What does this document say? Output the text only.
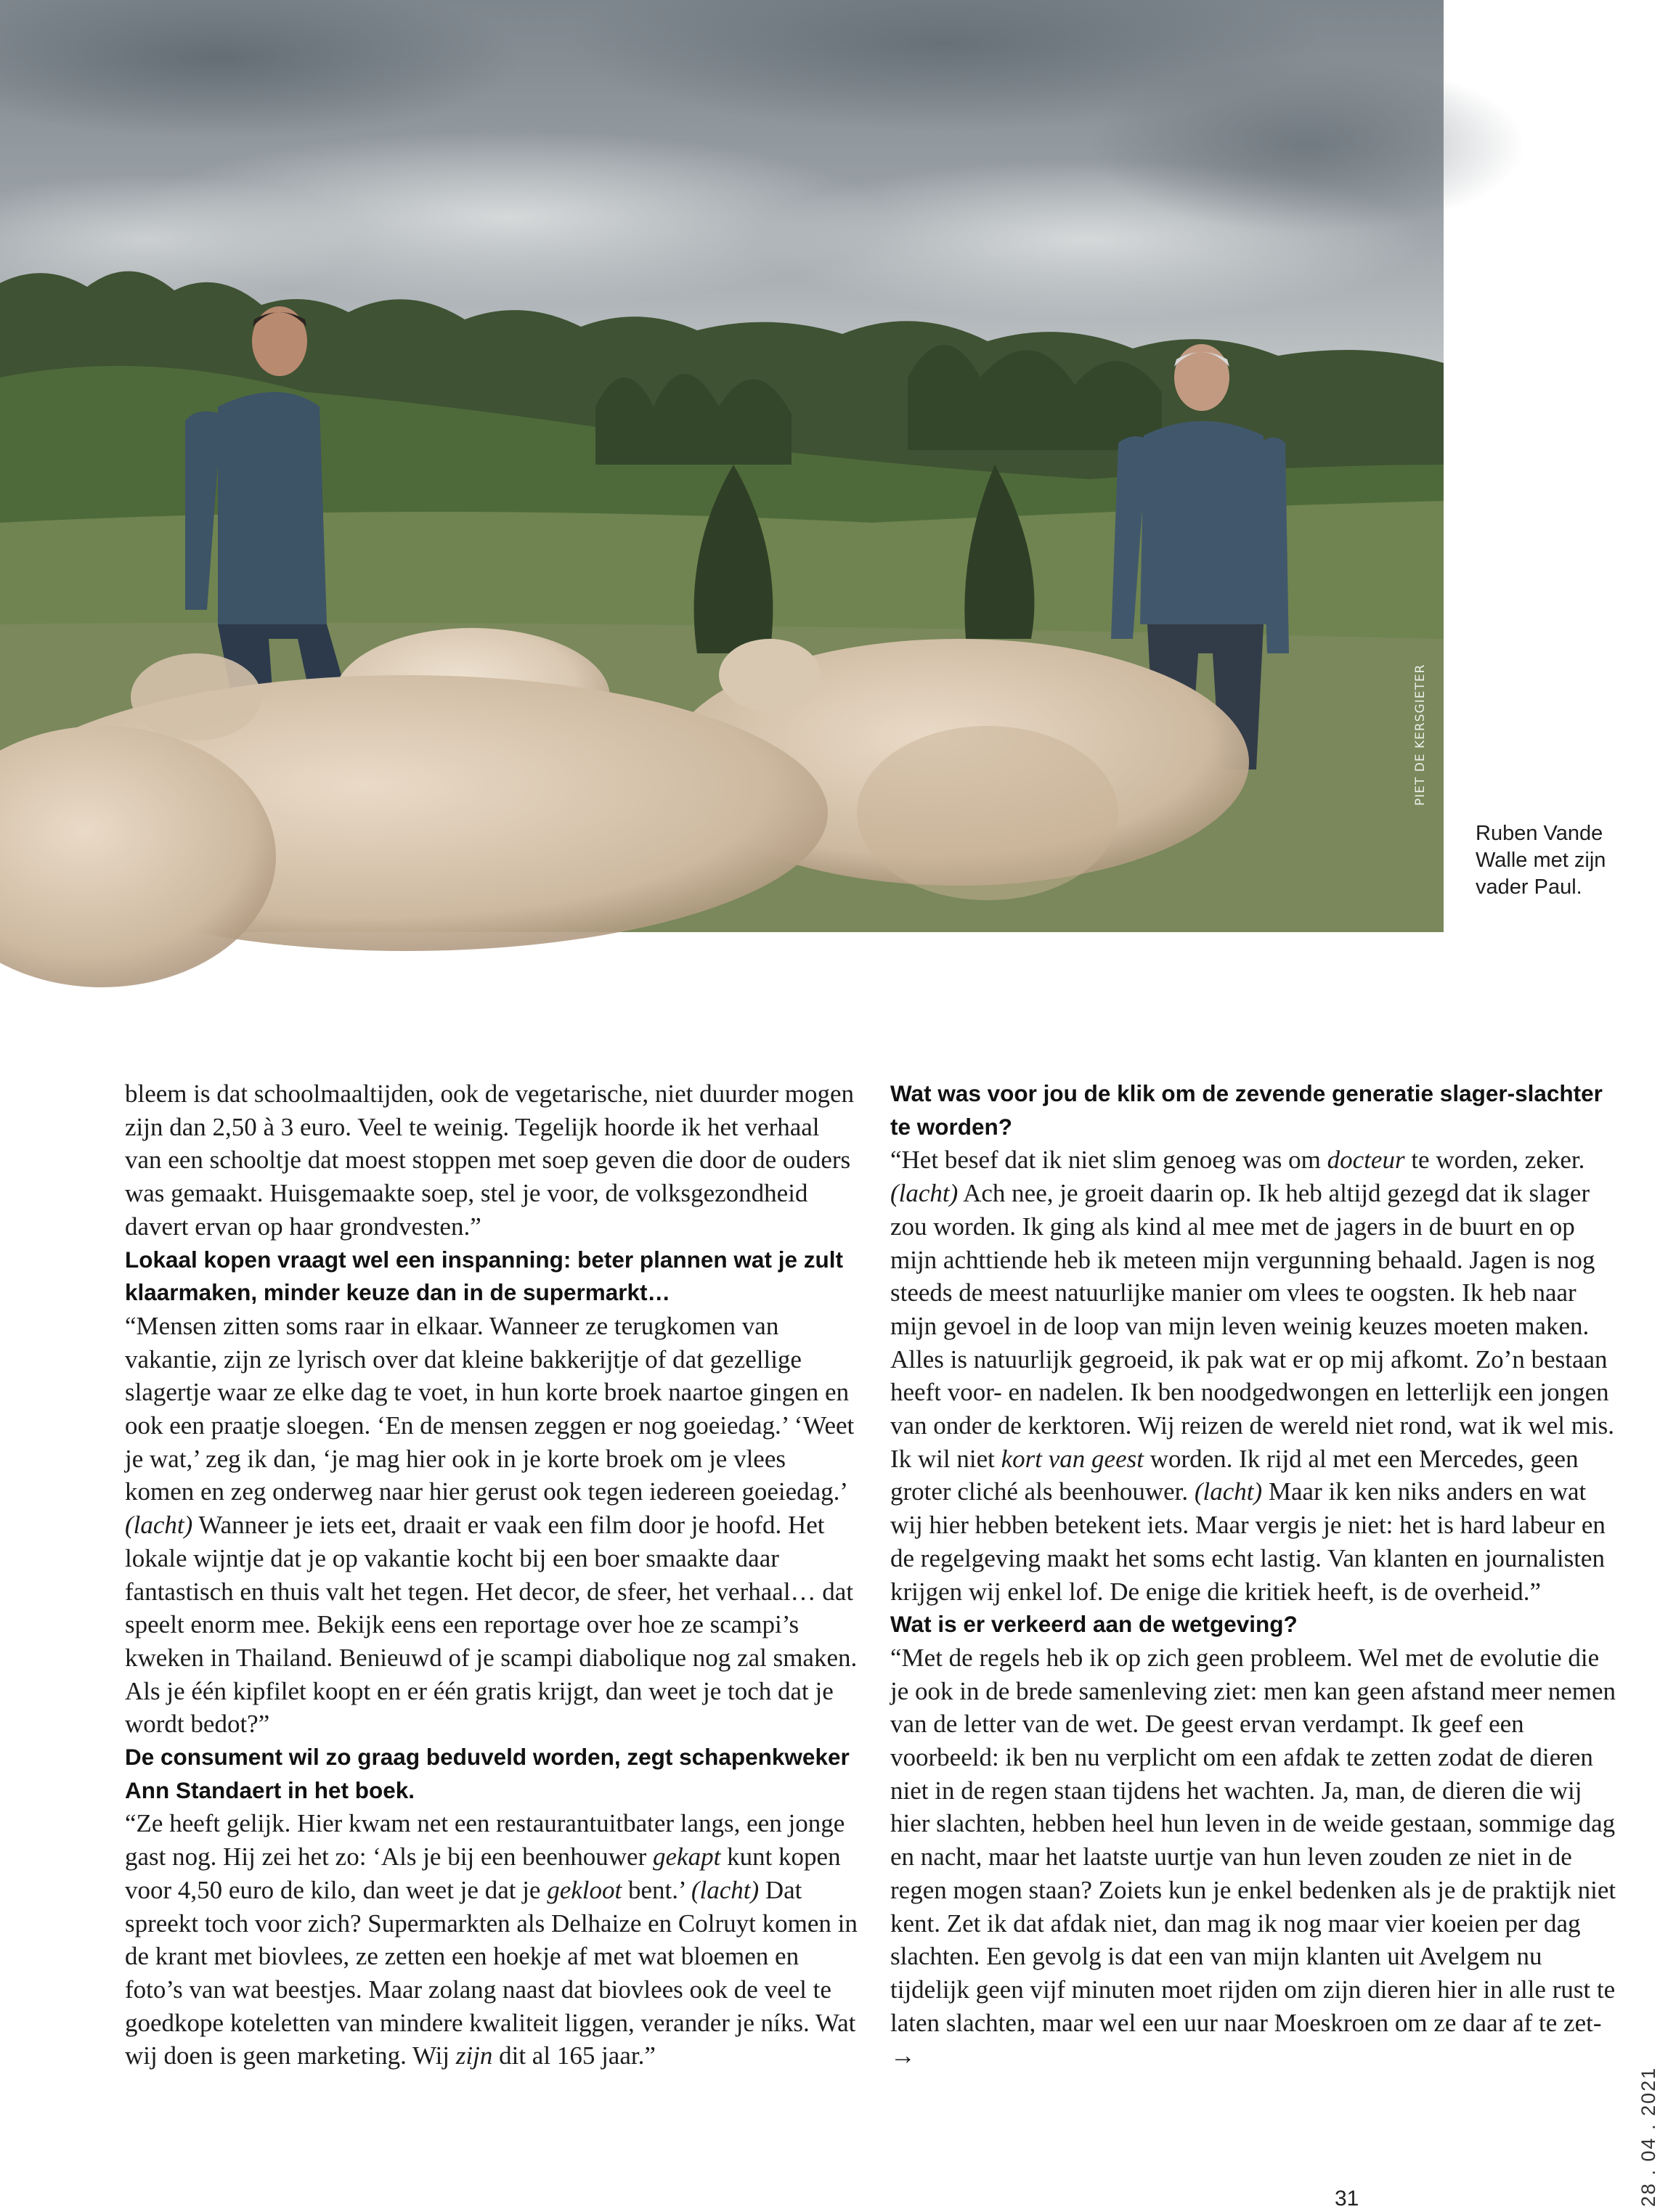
PIET DE KERSGIETER
Ruben Vande Walle met zijn vader Paul.

bleem is dat schoolmaaltijden, ook de vegetarische, niet duurder mogen zijn dan 2,50 à 3 euro. Veel te weinig. Tegelijk hoorde ik het verhaal van een schooltje dat moest stoppen met soep geven die door de ouders was gemaakt. Huisgemaakte soep, stel je voor, de volksgezondheid davert ervan op haar grondvesten.”

Lokaal kopen vraagt wel een inspanning: beter plannen wat je zult klaarmaken, minder keuze dan in de supermarkt…

“Mensen zitten soms raar in elkaar. Wanneer ze terugkomen van vakantie, zijn ze lyrisch over dat kleine bakkerijtje of dat gezellige slagertje waar ze elke dag te voet, in hun korte broek naartoe gingen en ook een praatje sloegen. ‘En de mensen zeggen er nog goeiedag.’ ‘Weet je wat,’ zeg ik dan, ‘je mag hier ook in je korte broek om je vlees komen en zeg onderweg naar hier gerust ook tegen iedereen goeiedag.’ (lacht) Wanneer je iets eet, draait er vaak een film door je hoofd. Het lokale wijntje dat je op vakantie kocht bij een boer smaakte daar fantastisch en thuis valt het tegen. Het decor, de sfeer, het verhaal… dat speelt enorm mee. Bekijk eens een reportage over hoe ze scampi’s kweken in Thailand. Benieuwd of je scampi diabolique nog zal smaken. Als je één kipfilet koopt en er één gratis krijgt, dan weet je toch dat je wordt bedot?”

De consument wil zo graag beduveld worden, zegt schapenkweker Ann Standaert in het boek.

“Ze heeft gelijk. Hier kwam net een restaurantuitbater langs, een jonge gast nog. Hij zei het zo: ‘Als je bij een beenhouwer gekapt kunt kopen voor 4,50 euro de kilo, dan weet je dat je gekloot bent.’ (lacht) Dat spreekt toch voor zich? Supermarkten als Delhaize en Colruyt komen in de krant met biovlees, ze zetten een hoekje af met wat bloemen en foto’s van wat beestjes. Maar zolang naast dat biovlees ook de veel te goedkope koteletten van mindere kwaliteit liggen, verander je níks. Wat wij doen is geen marketing. Wij zijn dit al 165 jaar.”

Wat was voor jou de klik om de zevende generatie slager-slachter te worden?

“Het besef dat ik niet slim genoeg was om docteur te worden, zeker. (lacht) Ach nee, je groeit daarin op. Ik heb altijd gezegd dat ik slager zou worden. Ik ging als kind al mee met de jagers in de buurt en op mijn achttiende heb ik meteen mijn vergunning behaald. Jagen is nog steeds de meest natuurlijke manier om vlees te oogsten. Ik heb naar mijn gevoel in de loop van mijn leven weinig keuzes moeten maken. Alles is natuurlijk gegroeid, ik pak wat er op mij afkomt. Zo’n bestaan heeft voor- en nadelen. Ik ben noodgedwongen en letterlijk een jongen van onder de kerktoren. Wij reizen de wereld niet rond, wat ik wel mis. Ik wil niet kort van geest worden. Ik rijd al met een Mercedes, geen groter cliché als beenhouwer. (lacht) Maar ik ken niks anders en wat wij hier hebben betekent iets. Maar vergis je niet: het is hard labeur en de regelgeving maakt het soms echt lastig. Van klanten en journalisten krijgen wij enkel lof. De enige die kritiek heeft, is de overheid.”

Wat is er verkeerd aan de wetgeving?

“Met de regels heb ik op zich geen probleem. Wel met de evolutie die je ook in de brede samenleving ziet: men kan geen afstand meer nemen van de letter van de wet. De geest ervan verdampt. Ik geef een voorbeeld: ik ben nu verplicht om een afdak te zetten zodat de dieren niet in de regen staan tijdens het wachten. Ja, man, de dieren die wij hier slachten, hebben heel hun leven in de weide gestaan, sommige dag en nacht, maar het laatste uurtje van hun leven zouden ze niet in de regen mogen staan? Zoiets kun je enkel bedenken als je de praktijk niet kent. Zet ik dat afdak niet, dan mag ik nog maar vier koeien per dag slachten. Een gevolg is dat een van mijn klanten uit Avelgem nu tijdelijk geen vijf minuten moet rijden om zijn dieren hier in alle rust te laten slachten, maar wel een uur naar Moeskroen om ze daar af te zet-→

31	28 . 04 . 2021
